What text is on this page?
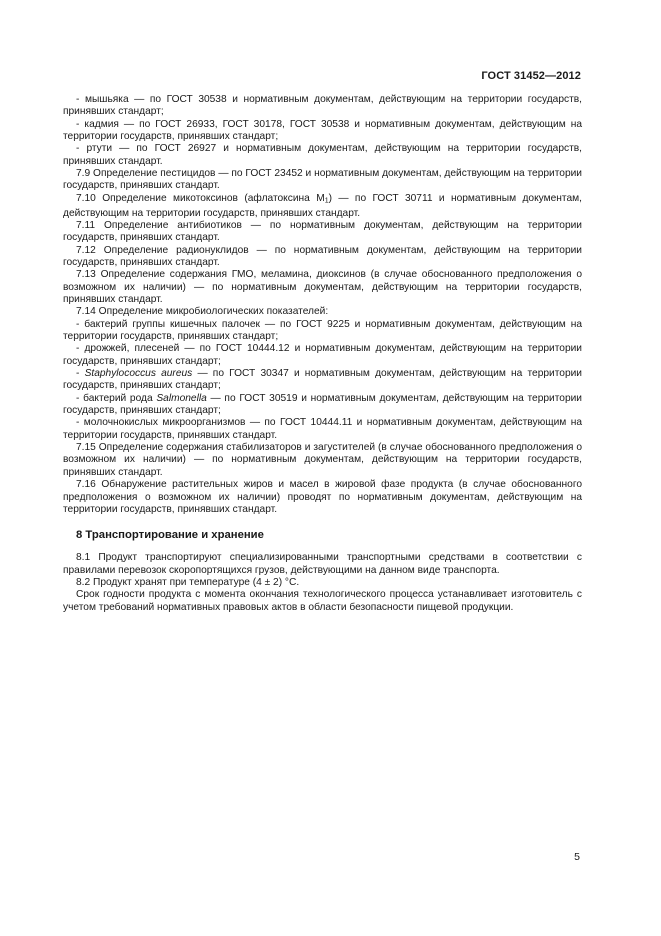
ГОСТ 31452—2012

- мышьяка — по ГОСТ 30538 и нормативным документам, действующим на территории государств, принявших стандарт;

- кадмия — по ГОСТ 26933, ГОСТ 30178, ГОСТ 30538 и нормативным документам, действующим на территории государств, принявших стандарт;

- ртути — по ГОСТ 26927 и нормативным документам, действующим на территории государств, принявших стандарт.

7.9 Определение пестицидов — по ГОСТ 23452 и нормативным документам, действующим на территории государств, принявших стандарт.

7.10 Определение микотоксинов (афлатоксина $M_1$) — по ГОСТ 30711 и нормативным документам, действующим на территории государств, принявших стандарт.

7.11 Определение антибиотиков — по нормативным документам, действующим на территории государств, принявших стандарт.

7.12 Определение радионуклидов — по нормативным документам, действующим на территории государств, принявших стандарт.

7.13 Определение содержания ГМО, меламина, диоксинов (в случае обоснованного предположения о возможном их наличии) — по нормативным документам, действующим на территории государств, принявших стандарт.

7.14 Определение микробиологических показателей:

- бактерий группы кишечных палочек — по ГОСТ 9225 и нормативным документам, действующим на территории государств, принявших стандарт;

- дрожжей, плесеней — по ГОСТ 10444.12 и нормативным документам, действующим на территории государств, принявших стандарт;

- Staphylococcus aureus — по ГОСТ 30347 и нормативным документам, действующим на территории государств, принявших стандарт;

- бактерий рода Salmonella — по ГОСТ 30519 и нормативным документам, действующим на территории государств, принявших стандарт;

- молочнокислых микроорганизмов — по ГОСТ 10444.11 и нормативным документам, действующим на территории государств, принявших стандарт.

7.15 Определение содержания стабилизаторов и загустителей (в случае обоснованного предположения о возможном их наличии) — по нормативным документам, действующим на территории государств, принявших стандарт.

7.16 Обнаружение растительных жиров и масел в жировой фазе продукта (в случае обоснованного предположения о возможном их наличии) проводят по нормативным документам, действующим на территории государств, принявших стандарт.

8 Транспортирование и хранение

8.1 Продукт транспортируют специализированными транспортными средствами в соответствии с правилами перевозок скоропортящихся грузов, действующими на данном виде транспорта.

8.2 Продукт хранят при температуре (4 ± 2) °С.

Срок годности продукта с момента окончания технологического процесса устанавливает изготовитель с учетом требований нормативных правовых актов в области безопасности пищевой продукции.

5
